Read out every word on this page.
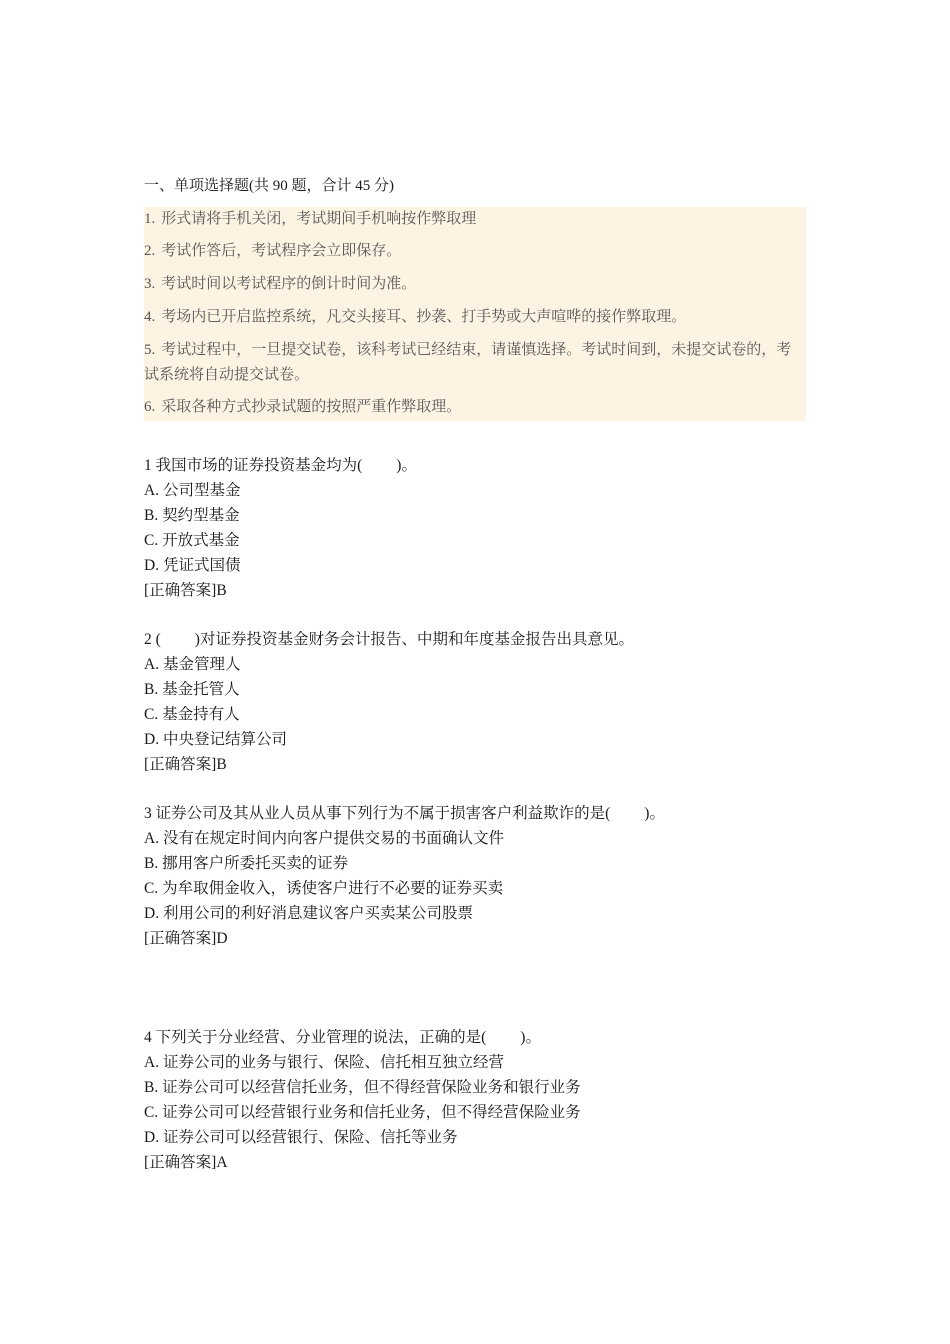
一、单项选择题(共 90 题，合计 45 分)
1. 形式请将手机关闭，考试期间手机响按作弊取理
2. 考试作答后，考试程序会立即保存。
3. 考试时间以考试程序的倒计时间为准。
4. 考场内已开启监控系统，凡交头接耳、抄袭、打手势或大声喧哗的接作弊取理。
5. 考试过程中，一旦提交试卷，该科考试已经结束，请谨慎选择。考试时间到，未提交试卷的，考试系统将自动提交试卷。
6. 采取各种方式抄录试题的按照严重作弊取理。
1 我国市场的证券投资基金均为( )。
A. 公司型基金
B. 契约型基金
C. 开放式基金
D. 凭证式国债
[正确答案]B
2 ( )对证券投资基金财务会计报告、中期和年度基金报告出具意见。
A. 基金管理人
B. 基金托管人
C. 基金持有人
D. 中央登记结算公司
[正确答案]B
3 证券公司及其从业人员从事下列行为不属于损害客户利益欺诈的是( )。
A. 没有在规定时间内向客户提供交易的书面确认文件
B. 挪用客户所委托买卖的证券
C. 为牟取佣金收入，诱使客户进行不必要的证券买卖
D. 利用公司的利好消息建议客户买卖某公司股票
[正确答案]D
4 下列关于分业经营、分业管理的说法，正确的是( )。
A. 证券公司的业务与银行、保险、信托相互独立经营
B. 证券公司可以经营信托业务，但不得经营保险业务和银行业务
C. 证券公司可以经营银行业务和信托业务，但不得经营保险业务
D. 证券公司可以经营银行、保险、信托等业务
[正确答案]A
